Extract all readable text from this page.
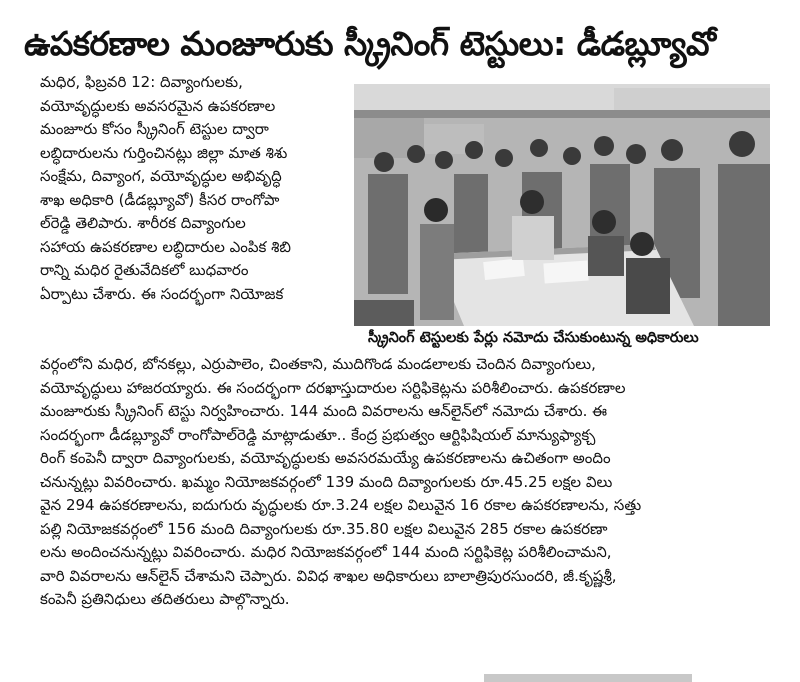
ఉపకరణాల మంజూరుకు స్క్రీనింగ్ టెస్టులు: డీడబ్ల్యూవో
మధిర, ఫిబ్రవరి 12: దివ్యాంగులకు,
వయోవృద్ధులకు అవసరమైన ఉపకరణాల
మంజూరు కోసం స్క్రీనింగ్ టెస్టుల ద్వారా
లబ్ధిదారులను గుర్తించినట్లు జిల్లా మాత శిశు
సంక్షేమ, దివ్యాంగ, వయోవృద్ధుల అభివృద్ధి
శాఖ అధికారి (డీడబ్ల్యూవో) కీసర రాంగోపా
ల్‌రెడ్డి తెలిపారు. శారీరక దివ్యాంగుల
సహాయ ఉపకరణాల లబ్ధిదారుల ఎంపిక శిబి
రాన్ని మధిర రైతువేదికలో బుధవారం
ఏర్పాటు చేశారు. ఈ సందర్భంగా నియోజక
స్క్రీనింగ్ టెస్టులకు పేర్లు నమోదు చేసుకుంటున్న అధికారులు
వర్గంలోని మధిర, బోనకల్లు, ఎర్రుపాలెం, చింతకాని, ముదిగొండ మండలాలకు చెందిన దివ్యాంగులు,
వయోవృద్ధులు హాజరయ్యారు. ఈ సందర్భంగా దరఖాస్తుదారుల సర్టిఫికెట్లను పరిశీలించారు. ఉపకరణాల
మంజూరుకు స్క్రీనింగ్ టెస్టు నిర్వహించారు. 144 మంది వివరాలను ఆన్‌లైన్‌లో నమోదు చేశారు. ఈ
సందర్భంగా డీడబ్ల్యూవో రాంగోపాల్‌రెడ్డి మాట్లాడుతూ.. కేంద్ర ప్రభుత్వం ఆర్టిఫిషియల్ మాన్యుఫ్యాక్చ
రింగ్ కంపెనీ ద్వారా దివ్యాంగులకు, వయోవృద్ధులకు అవసరమయ్యే ఉపకరణాలను ఉచితంగా అందిం
చనున్నట్లు వివరించారు. ఖమ్మం నియోజకవర్గంలో 139 మంది దివ్యాంగులకు రూ.45.25 లక్షల విలు
వైన 294 ఉపకరణాలను, ఐదుగురు వృద్ధులకు రూ.3.24 లక్షల విలువైన 16 రకాల ఉపకరణాలను, సత్తు
పల్లి నియోజకవర్గంలో 156 మంది దివ్యాంగులకు రూ.35.80 లక్షల విలువైన 285 రకాల ఉపకరణా
లను అందించనున్నట్లు వివరించారు. మధిర నియోజకవర్గంలో 144 మంది సర్టిఫికెట్ల పరిశీలించామని,
వారి వివరాలను ఆన్‌లైన్ చేశామని చెప్పారు. వివిధ శాఖల అధికారులు బాలాత్రిపురసుందరి, జీ.కృష్ణశ్రీ,
కంపెనీ ప్రతినిధులు తదితరులు పాల్గొన్నారు.
